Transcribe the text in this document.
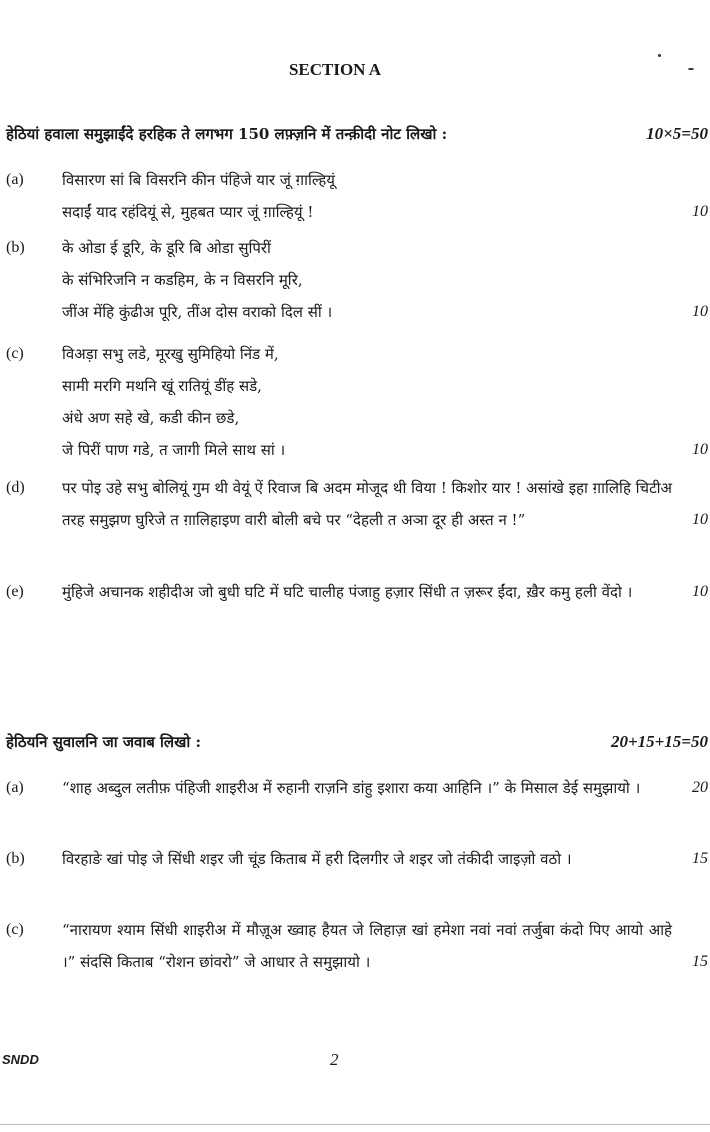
SECTION A
हेठियां हवाला समुझाईंदे हरहिक ते लगभग 150 लफ़्ज़नि में तन्क़ीदी नोट लिखो :	10×5=50
(a)	विसारण सां बि विसरनि कीन पंहिजे यार जूं ग़ाल्हियूं
सदाईं याद रहंदियूं से, मुहबत प्यार जूं ग़ाल्हियूं !	10
(b) के ओडा ई डूरि, के डूरि बि ओडा सुपिरीं
के संभिरिजनि न कडहिम, के न विसरनि मूरि,
जींअ मेंहि कुंढीअ पूरि, तींअ दोस वराको दिल सीं ।	10
(c)	विअड़ा सभु लडे, मूरखु सुमिहियो निंड में,
सामी मरगि मथनि खूं रातियूं डींह सडे,
अंधे अण सहे खे, कडी कीन छडे,
जे पिरीं पाण गडे, त जागी मिले साथ सां ।	10
(d) पर पोइ उहे सभु बोलियूं गुम थी वेयूं ऐं रिवाज बि अदम मोजूद थी विया ! किशोर यार ! असांखे इहा ग़ालिहि चिटीअ तरह समुझण घुरिजे त ग़ालिहाइण वारी बोली बचे पर “देहली त अञा दूर ही अस्त न !”	10
(e)	मुंहिजे अचानक शहीदीअ जो बुधी घटि में घटि चालीह पंजाहु हज़ार सिंधी त ज़रूर ईंदा, ख़ैर कमु हली वेंदो ।	10
हेठियनि सुवालनि जा जवाब लिखो :	20+15+15=50
(a)	“शाह अब्दुल लतीफ़ पंहिजी शाइरीअ में रुहानी राज़नि डांहु इशारा कया आहिनि ।” के मिसाल डेई समुझायो ।	20
(b) विरहाङे खां पोइ जे सिंधी शइर जी चूंड किताब में हरी दिलगीर जे शइर जो तंकीदी जाइज़ो वठो ।	15
(c)	“नारायण श्याम सिंधी शाइरीअ में मौज़ूअ ख्वाह हैयत जे लिहाज़ खां हमेशा नवां नवां तर्जुबा कंदो पिए आयो आहे ।” संदसि किताब “रोशन छांवरो” जे आधार ते समुझायो ।	15
SNDD	2
